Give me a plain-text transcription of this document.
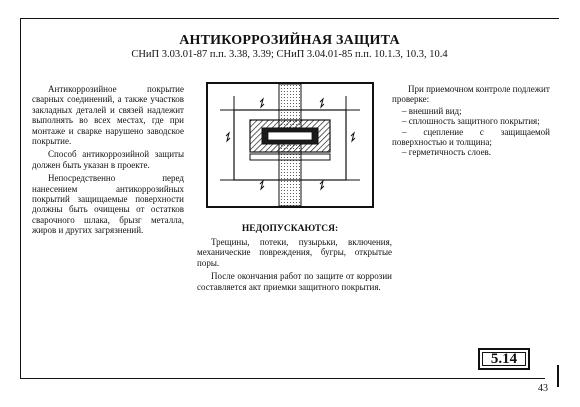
АНТИКОРРОЗИЙНАЯ ЗАЩИТА
СНиП 3.03.01-87 п.п. 3.38, 3.39; СНиП 3.04.01-85 п.п. 10.1.3, 10.3, 10.4

Антикоррозийное покрытие сварных соединений, а также участков закладных деталей и связей надлежит выполнять во всех местах, где при монтаже и сварке нарушено заводское покрытие.

Способ антикоррозийной защиты должен быть указан в проекте.

Непосредственно перед нанесением антикоррозийных покрытий защищаемые поверхности должны быть очищены от остатков сварочного шлака, брызг металла, жиров и других загрязнений.	НЕДОПУСКАЮТСЯ:

Трещины, потеки, пузырьки, включения, механические повреждения, бугры, открытые поры.

После окончания работ по защите от коррозии составляется акт приемки защитного покрытия.

При приемочном контроле подлежит проверке:

– внешний вид;

– сплошность защитного покрытия;

– сцепление с защищаемой поверхностью и толщина;

– герметичность слоев.

5.14
43
